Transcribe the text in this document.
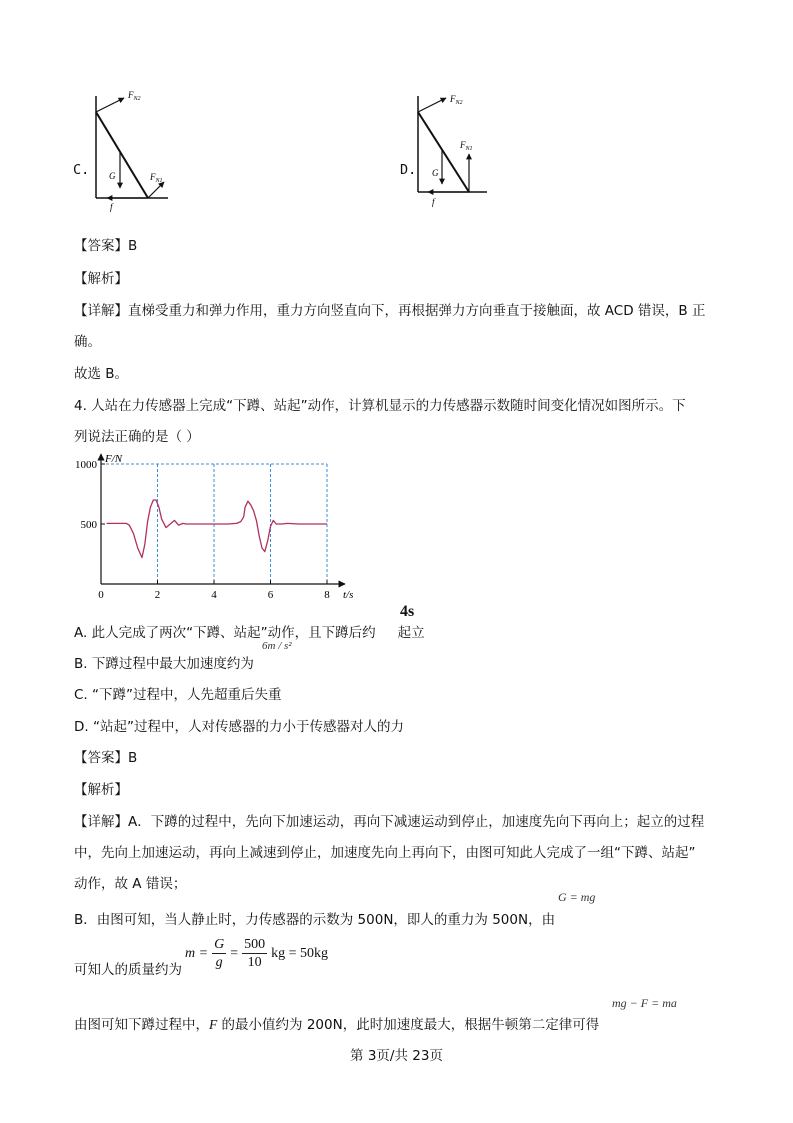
C.
$F_{N2}$
G	$F_{N1}$
f
D.
$F_{N2}$
$F_{N1}$
G
f
【答案】B
【解析】
【详解】直梯受重力和弹力作用，重力方向竖直向下，再根据弹力方向垂直于接触面，故 ACD 错误，B 正
确。
故选 B。
4. 人站在力传感器上完成“下蹲、站起”动作，计算机显示的力传感器示数随时间变化情况如图所示。下
列说法正确的是（ ）
0	2	4	6	8
500
1000 F/N
t/s
4s
A. 此人完成了两次“下蹲、站起”动作，且下蹲后约 起立
6m / s²
B. 下蹲过程中最大加速度约为
C. “下蹲”过程中，人先超重后失重
D. “站起”过程中，人对传感器的力小于传感器对人的力
【答案】B
【解析】
【详解】A．下蹲的过程中，先向下加速运动，再向下减速运动到停止，加速度先向下再向上；起立的过程
中，先向上加速运动，再向上减速到停止，加速度先向上再向下，由图可知此人完成了一组“下蹲、站起”
动作，故 A 错误；
G = mg
B．由图可知，当人静止时，力传感器的示数为 500N，即人的重力为 500N，由
$m = \frac{G}{g} = \frac{500}{10}$ kg = 50kg
可知人的质量约为
mg − F = ma
由图可知下蹲过程中，F 的最小值约为 200N，此时加速度最大，根据牛顿第二定律可得
第 3页/共 23页
